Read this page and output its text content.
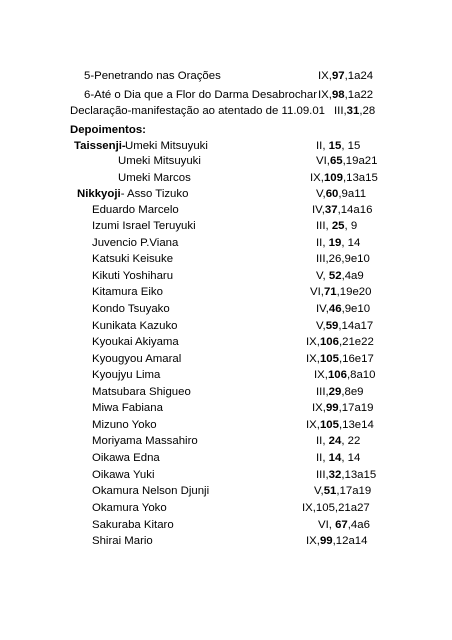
5-Penetrando nas Orações	IX,97,1a24
6-Até o Dia que a Flor do Darma Desabrochar IX,98,1a22
Declaração-manifestação ao atentado de 11.09.01 III,31,28
Depoimentos:
Taissenji- Umeki Mitsuyuki	II, 15, 15
Umeki Mitsuyuki	VI,65,19a21
Umeki Marcos	IX,109,13a15
Nikkyoji- Asso Tizuko	V,60,9a11
Eduardo Marcelo	IV,37,14a16
Izumi Israel Teruyuki	III, 25, 9
Juvencio P.Viana	II, 19, 14
Katsuki Keisuke	III,26,9e10
Kikuti Yoshiharu	V, 52,4a9
Kitamura Eiko	VI,71,19e20
Kondo Tsuyako	IV,46,9e10
Kunikata Kazuko	V,59,14a17
Kyoukai Akiyama	IX,106,21e22
Kyougyou Amaral	IX,105,16e17
Kyoujyu Lima	IX,106,8a10
Matsubara Shigueo	III,29,8e9
Miwa Fabiana	IX,99,17a19
Mizuno Yoko	IX,105,13e14
Moriyama Massahiro	II, 24, 22
Oikawa Edna	II, 14, 14
Oikawa Yuki	III,32,13a15
Okamura Nelson Djunji	V,51,17a19
Okamura Yoko	IX,105,21a27
Sakuraba Kitaro	VI, 67,4a6
Shirai Mario	IX,99,12a14
